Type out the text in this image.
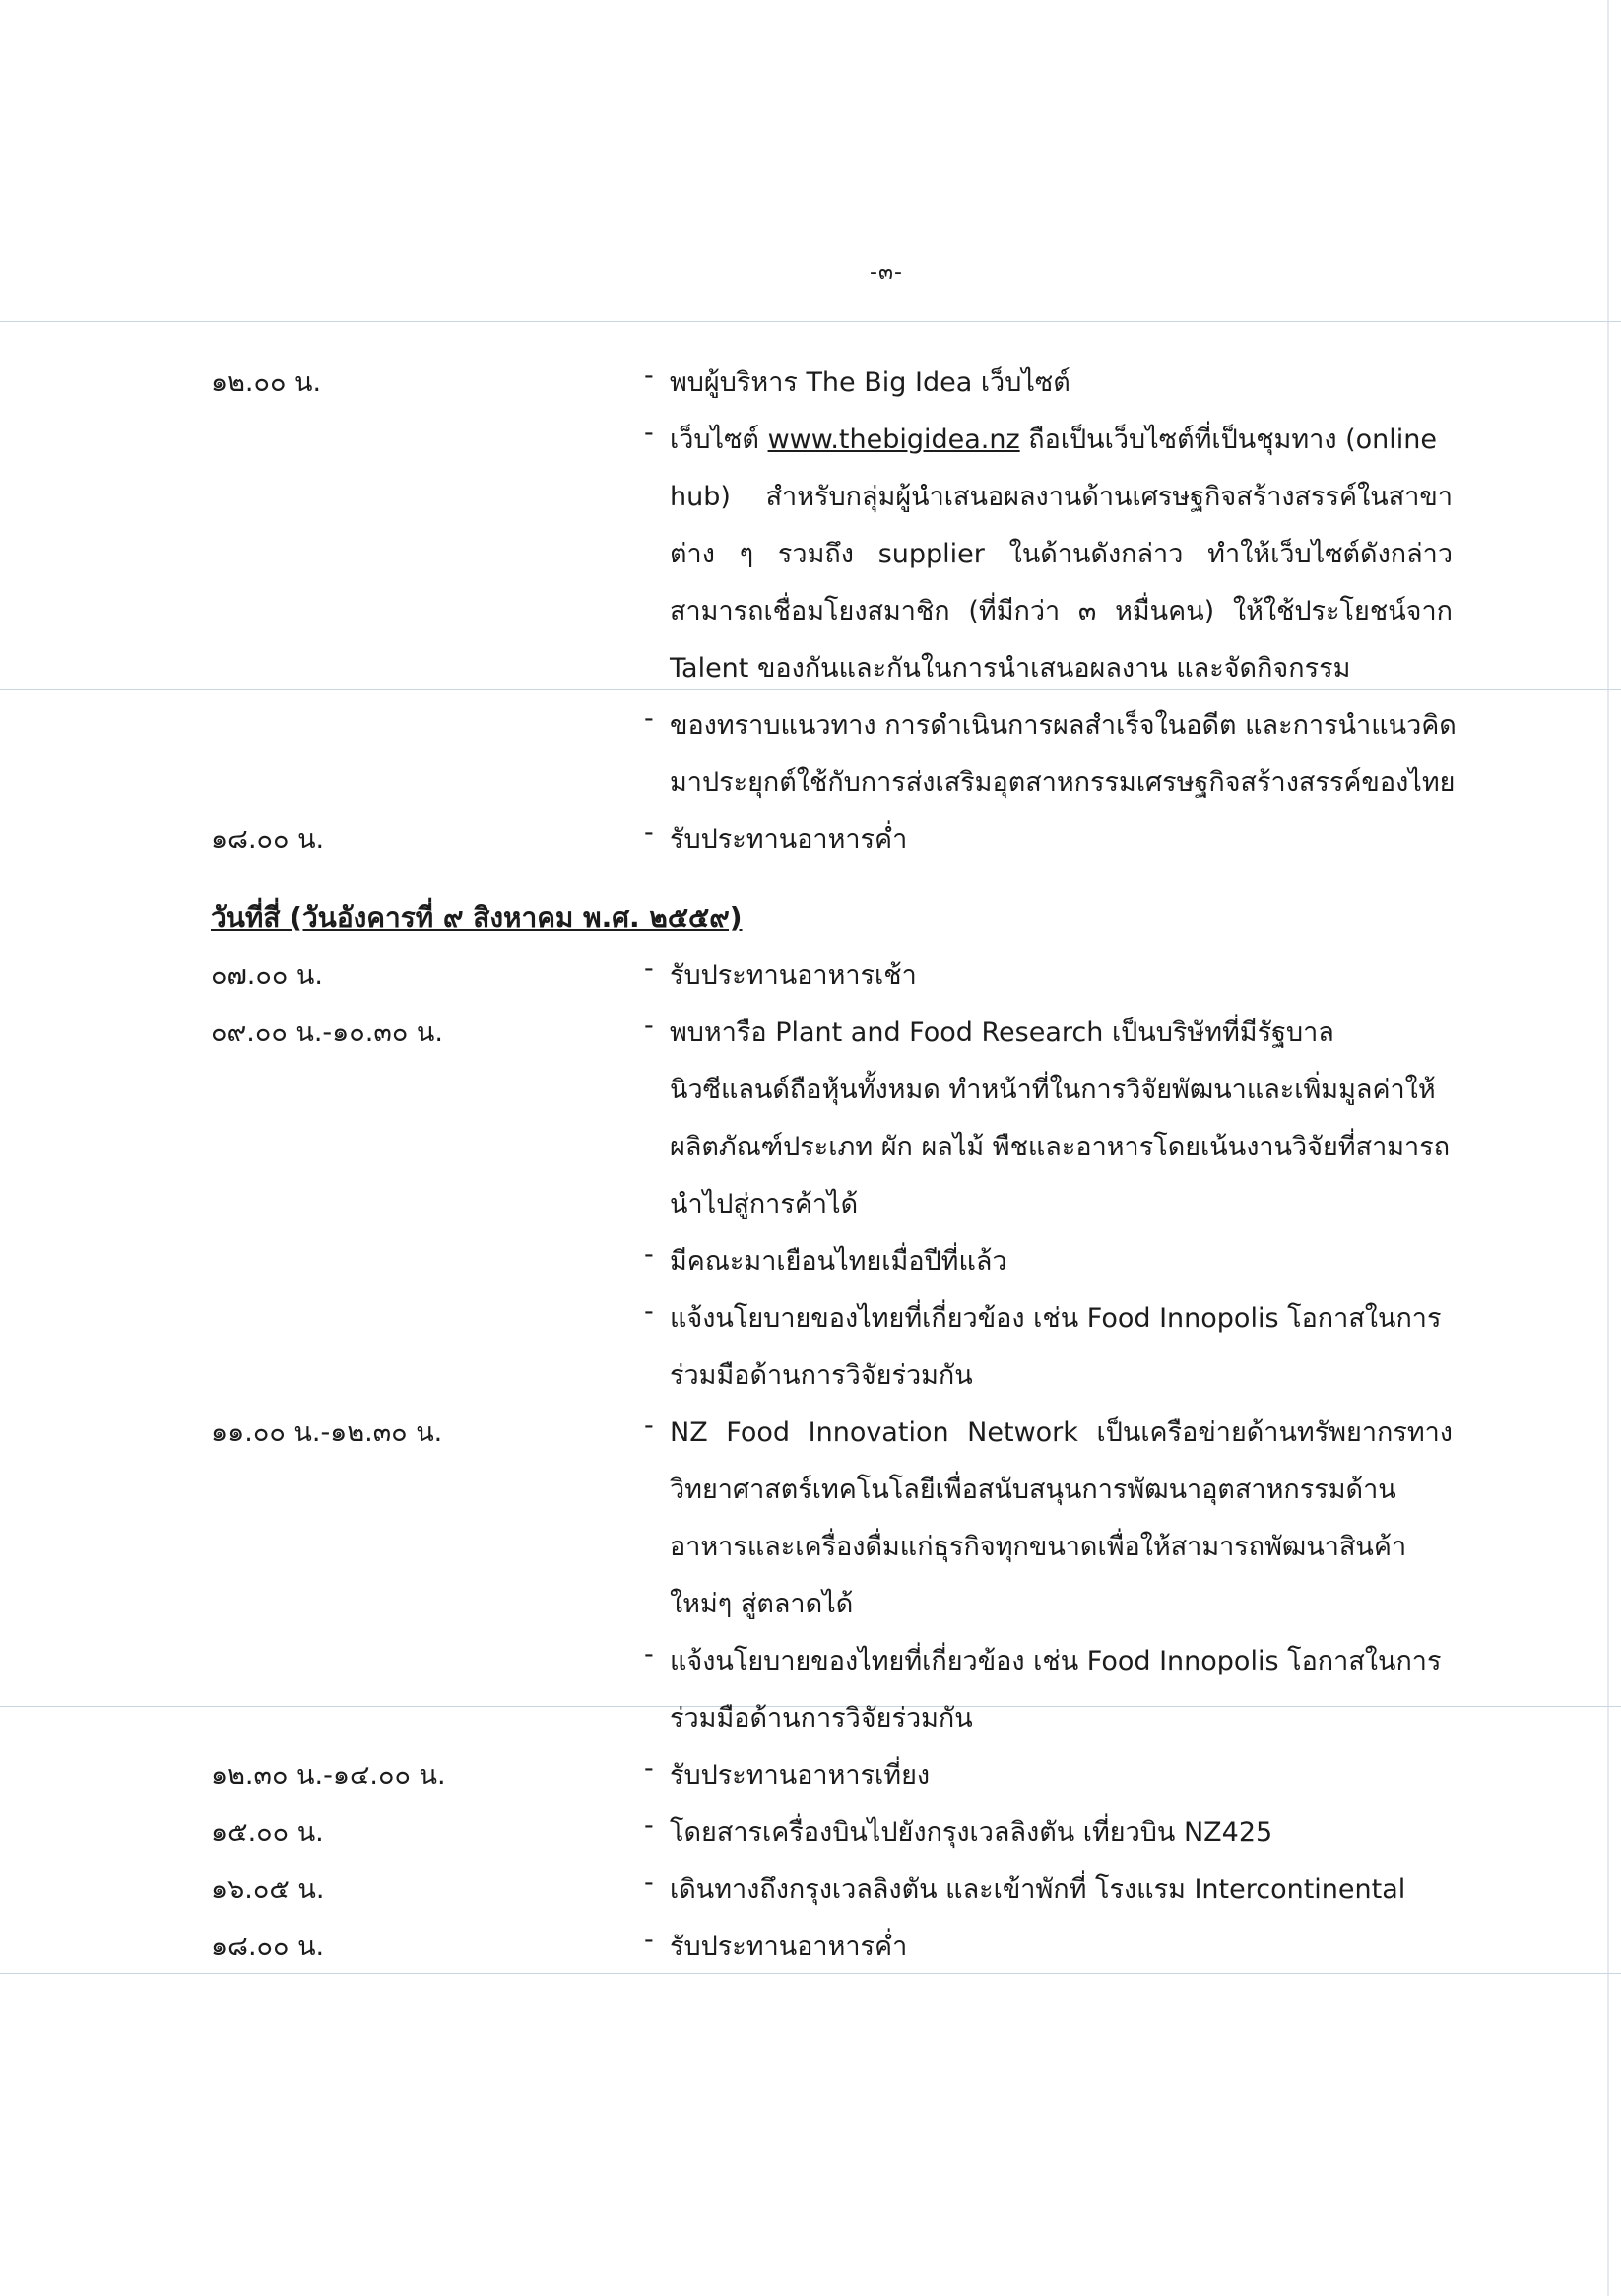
-๓-
๑๒.๐๐ น.	- พบผู้บริหาร The Big Idea เว็บไซต์
- เว็บไซต์ www.thebigidea.nz ถือเป็นเว็บไซต์ที่เป็นชุมทาง (online
hub) สำหรับกลุ่มผู้นำเสนอผลงานด้านเศรษฐกิจสร้างสรรค์ในสาขา
ต่าง ๆ รวมถึง supplier ในด้านดังกล่าว ทำให้เว็บไซต์ดังกล่าว
สามารถเชื่อมโยงสมาชิก (ที่มีกว่า ๓ หมื่นคน) ให้ใช้ประโยชน์จาก
Talent ของกันและกันในการนำเสนอผลงาน และจัดกิจกรรม
- ของทราบแนวทาง การดำเนินการผลสำเร็จในอดีต และการนำแนวคิด
มาประยุกต์ใช้กับการส่งเสริมอุตสาหกรรมเศรษฐกิจสร้างสรรค์ของไทย
๑๘.๐๐ น.	- รับประทานอาหารค่ำ
วันที่สี่ (วันอังคารที่ ๙ สิงหาคม พ.ศ. ๒๕๕๙)
๐๗.๐๐ น.	- รับประทานอาหารเช้า
๐๙.๐๐ น.-๑๐.๓๐ น.	- พบหารือ Plant and Food Research เป็นบริษัทที่มีรัฐบาล
นิวซีแลนด์ถือหุ้นทั้งหมด ทำหน้าที่ในการวิจัยพัฒนาและเพิ่มมูลค่าให้
ผลิตภัณฑ์ประเภท ผัก ผลไม้ พืชและอาหารโดยเน้นงานวิจัยที่สามารถ
นำไปสู่การค้าได้
- มีคณะมาเยือนไทยเมื่อปีที่แล้ว
- แจ้งนโยบายของไทยที่เกี่ยวข้อง เช่น Food Innopolis โอกาสในการ
ร่วมมือด้านการวิจัยร่วมกัน
๑๑.๐๐ น.-๑๒.๓๐ น.	- NZ Food Innovation Network เป็นเครือข่ายด้านทรัพยากรทาง
วิทยาศาสตร์เทคโนโลยีเพื่อสนับสนุนการพัฒนาอุตสาหกรรมด้าน
อาหารและเครื่องดื่มแก่ธุรกิจทุกขนาดเพื่อให้สามารถพัฒนาสินค้า
ใหม่ๆ สู่ตลาดได้
- แจ้งนโยบายของไทยที่เกี่ยวข้อง เช่น Food Innopolis โอกาสในการ
ร่วมมือด้านการวิจัยร่วมกัน
๑๒.๓๐ น.-๑๔.๐๐ น.	- รับประทานอาหารเที่ยง
๑๕.๐๐ น.	- โดยสารเครื่องบินไปยังกรุงเวลลิงตัน เที่ยวบิน NZ425
๑๖.๐๕ น.	- เดินทางถึงกรุงเวลลิงตัน และเข้าพักที่ โรงแรม Intercontinental
๑๘.๐๐ น.	- รับประทานอาหารค่ำ
